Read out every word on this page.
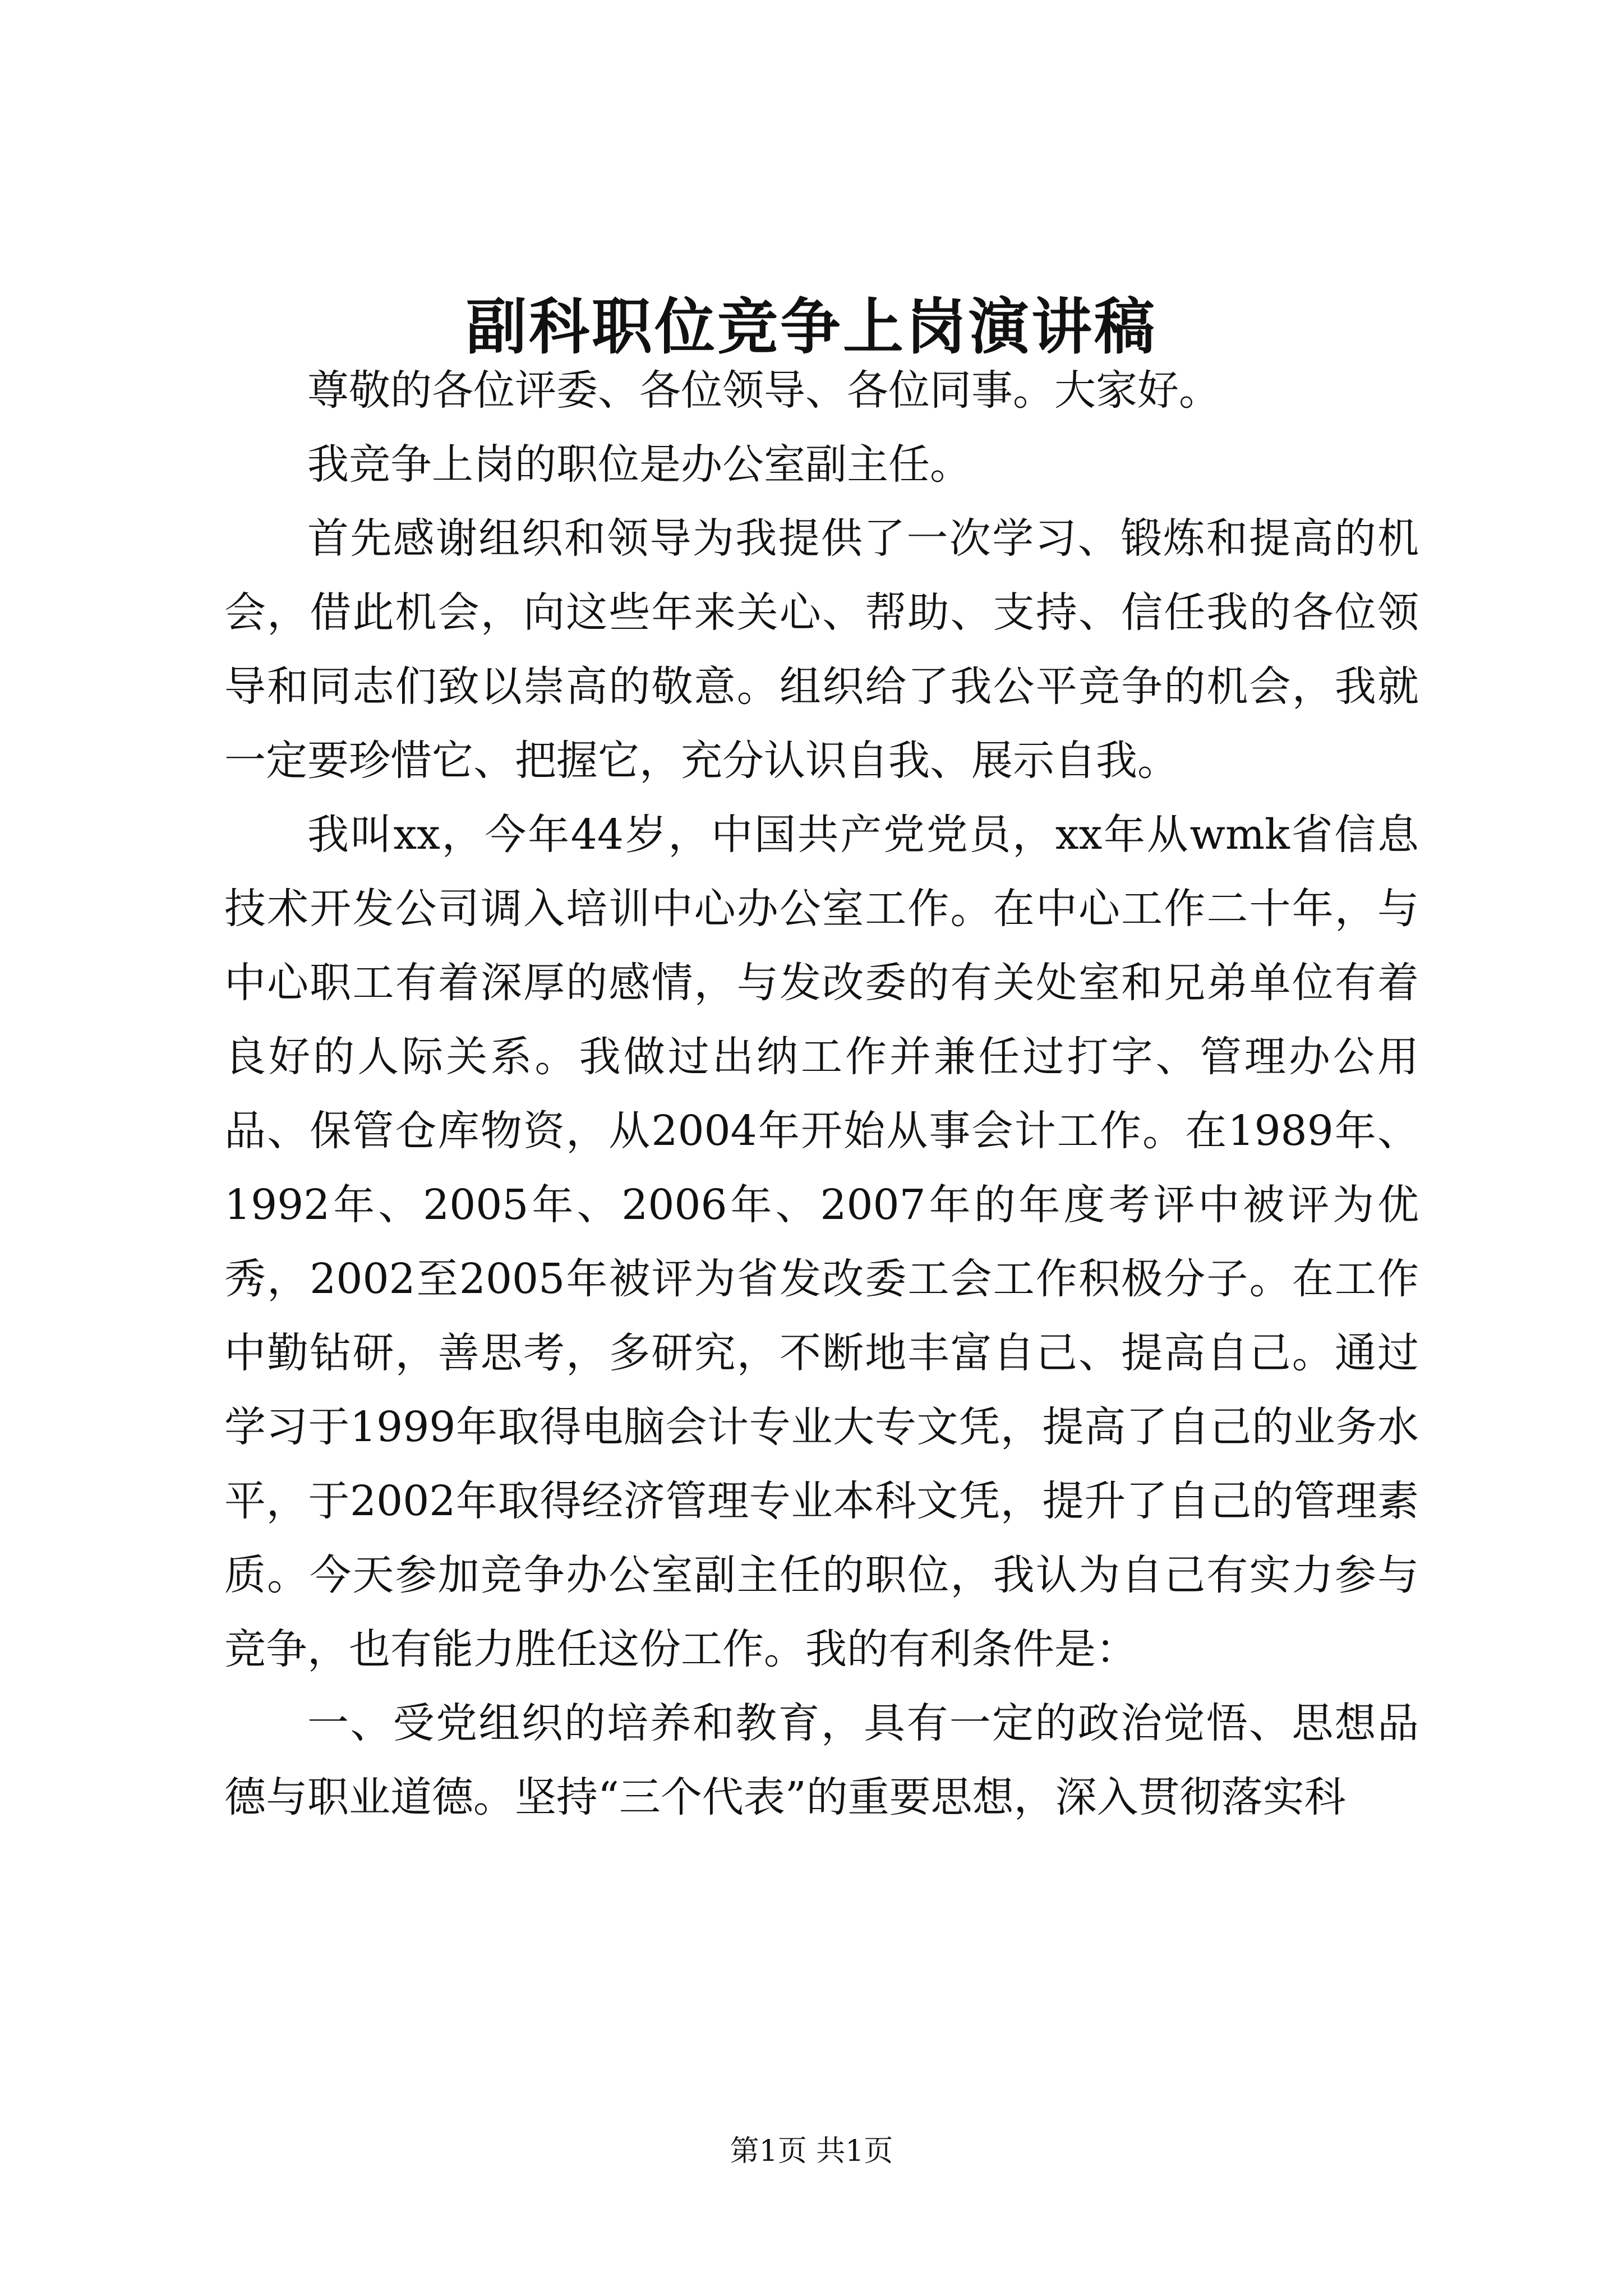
副科职位竞争上岗演讲稿

尊敬的各位评委、各位领导、各位同事。大家好。

我竞争上岗的职位是办公室副主任。

首先感谢组织和领导为我提供了一次学习、锻炼和提高的机会，借此机会，向这些年来关心、帮助、支持、信任我的各位领导和同志们致以崇高的敬意。组织给了我公平竞争的机会，我就一定要珍惜它、把握它，充分认识自我、展示自我。

我叫xx，今年44岁，中国共产党党员，xx年从wmk省信息技术开发公司调入培训中心办公室工作。在中心工作二十年，与中心职工有着深厚的感情，与发改委的有关处室和兄弟单位有着良好的人际关系。我做过出纳工作并兼任过打字、管理办公用品、保管仓库物资，从2004年开始从事会计工作。在1989年、1992年、2005年、2006年、2007年的年度考评中被评为优秀，2002至2005年被评为省发改委工会工作积极分子。在工作中勤钻研，善思考，多研究，不断地丰富自己、提高自己。通过学习于1999年取得电脑会计专业大专文凭，提高了自己的业务水平，于2002年取得经济管理专业本科文凭，提升了自己的管理素质。今天参加竞争办公室副主任的职位，我认为自己有实力参与竞争，也有能力胜任这份工作。我的有利条件是：

一、受党组织的培养和教育，具有一定的政治觉悟、思想品德与职业道德。坚持“三个代表”的重要思想，深入贯彻落实科

第1页 共1页
